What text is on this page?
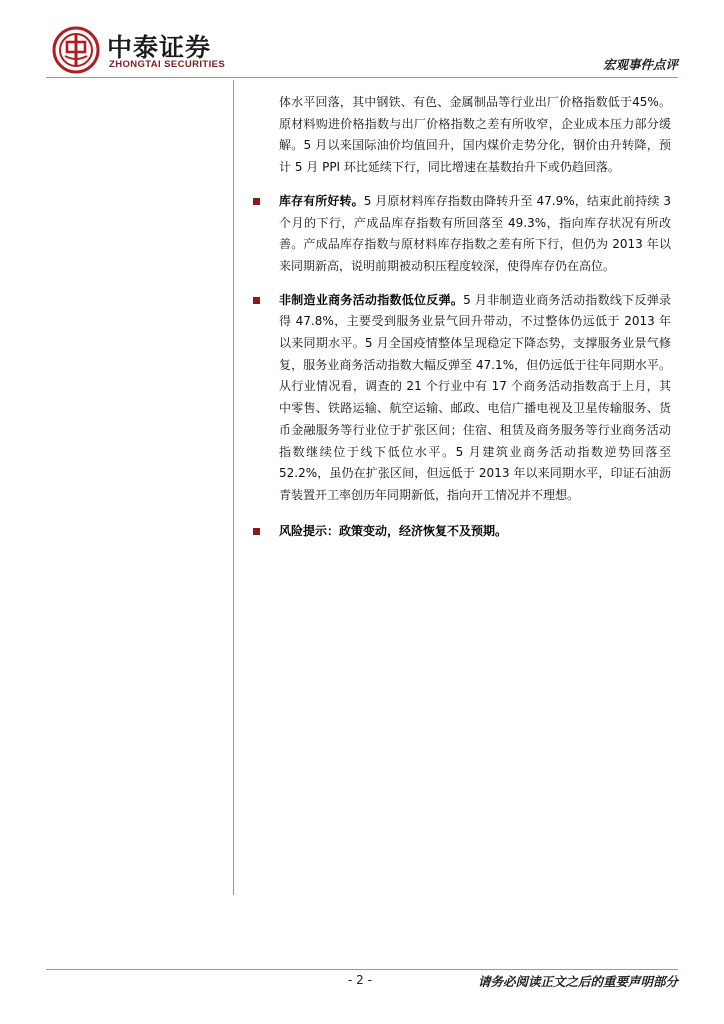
中泰证券
ZHONGTAI SECURITIES	宏观事件点评

体水平回落，其中钢铁、有色、金属制品等行业出厂价格指数低于45%。原材料购进价格指数与出厂价格指数之差有所收窄，企业成本压力部分缓解。5 月以来国际油价均值回升，国内煤价走势分化，钢价由升转降，预计 5 月 PPI 环比延续下行，同比增速在基数抬升下或仍趋回落。

库存有所好转。5 月原材料库存指数由降转升至 47.9%，结束此前持续 3 个月的下行，产成品库存指数有所回落至 49.3%，指向库存状况有所改善。产成品库存指数与原材料库存指数之差有所下行，但仍为 2013 年以来同期新高，说明前期被动积压程度较深，使得库存仍在高位。

非制造业商务活动指数低位反弹。5 月非制造业商务活动指数线下反弹录得 47.8%，主要受到服务业景气回升带动，不过整体仍远低于 2013 年以来同期水平。5 月全国疫情整体呈现稳定下降态势，支撑服务业景气修复，服务业商务活动指数大幅反弹至 47.1%，但仍远低于往年同期水平。从行业情况看，调查的 21 个行业中有 17 个商务活动指数高于上月，其中零售、铁路运输、航空运输、邮政、电信广播电视及卫星传输服务、货币金融服务等行业位于扩张区间；住宿、租赁及商务服务等行业商务活动指数继续位于线下低位水平。5 月建筑业商务活动指数逆势回落至 52.2%，虽仍在扩张区间，但远低于 2013 年以来同期水平，印证石油沥青装置开工率创历年同期新低，指向开工情况并不理想。

风险提示：政策变动，经济恢复不及预期。

- 2 -	请务必阅读正文之后的重要声明部分
